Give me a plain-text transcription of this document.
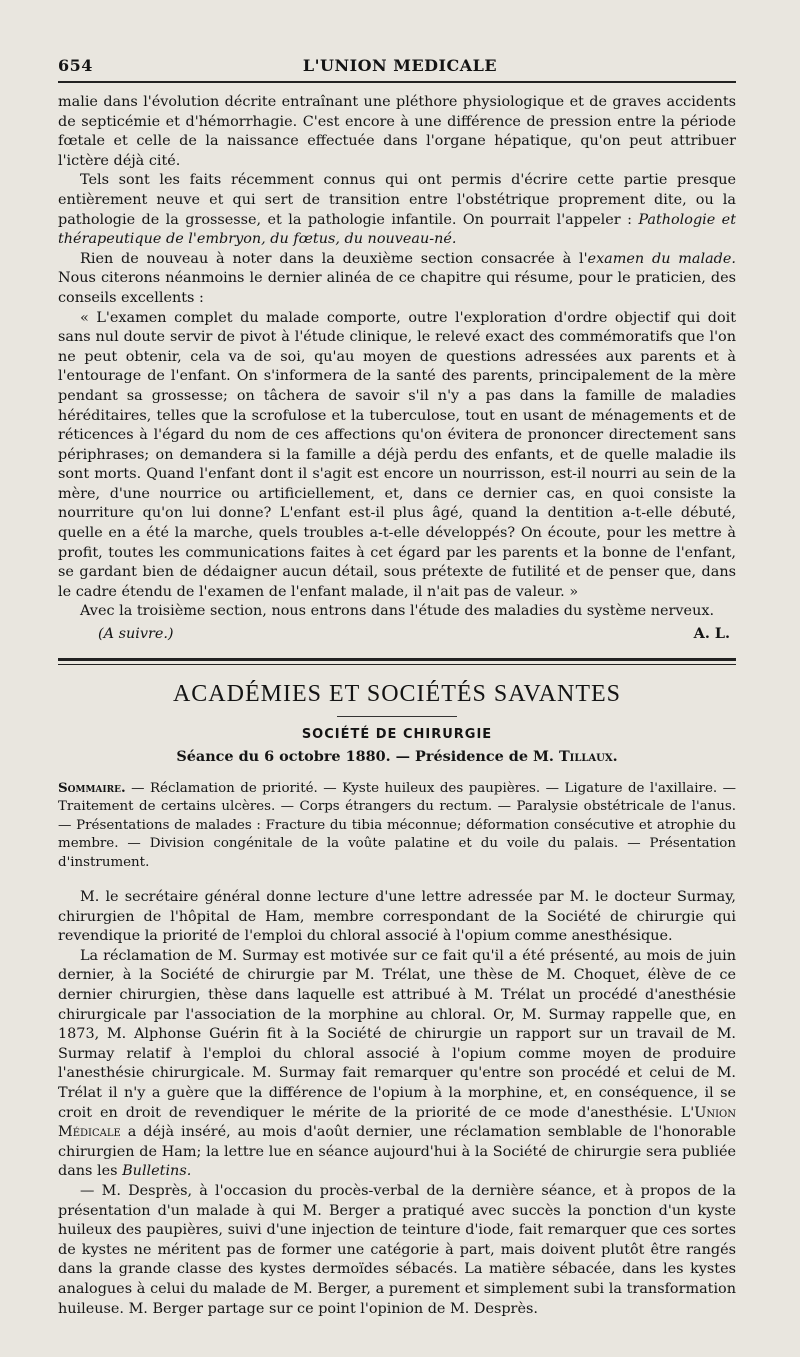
654	L'UNION MEDICALE

malie dans l'évolution décrite entraînant une pléthore physiologique et de graves accidents de septicémie et d'hémorrhagie. C'est encore à une différence de pression entre la période fœtale et celle de la naissance effectuée dans l'organe hépatique, qu'on peut attribuer l'ictère déjà cité.

Tels sont les faits récemment connus qui ont permis d'écrire cette partie presque entièrement neuve et qui sert de transition entre l'obstétrique proprement dite, ou la pathologie de la grossesse, et la pathologie infantile. On pourrait l'appeler : Pathologie et thérapeutique de l'embryon, du fœtus, du nouveau-né.

Rien de nouveau à noter dans la deuxième section consacrée à l'examen du malade. Nous citerons néanmoins le dernier alinéa de ce chapitre qui résume, pour le praticien, des conseils excellents :

« L'examen complet du malade comporte, outre l'exploration d'ordre objectif qui doit sans nul doute servir de pivot à l'étude clinique, le relevé exact des commémoratifs que l'on ne peut obtenir, cela va de soi, qu'au moyen de questions adressées aux parents et à l'entourage de l'enfant. On s'informera de la santé des parents, principalement de la mère pendant sa grossesse; on tâchera de savoir s'il n'y a pas dans la famille de maladies héréditaires, telles que la scrofulose et la tuberculose, tout en usant de ménagements et de réticences à l'égard du nom de ces affections qu'on évitera de prononcer directement sans périphrases; on demandera si la famille a déjà perdu des enfants, et de quelle maladie ils sont morts. Quand l'enfant dont il s'agit est encore un nourrisson, est-il nourri au sein de la mère, d'une nourrice ou artificiellement, et, dans ce dernier cas, en quoi consiste la nourriture qu'on lui donne? L'enfant est-il plus âgé, quand la dentition a-t-elle débuté, quelle en a été la marche, quels troubles a-t-elle développés? On écoute, pour les mettre à profit, toutes les communications faites à cet égard par les parents et la bonne de l'enfant, se gardant bien de dédaigner aucun détail, sous prétexte de futilité et de penser que, dans le cadre étendu de l'examen de l'enfant malade, il n'ait pas de valeur. »

Avec la troisième section, nous entrons dans l'étude des maladies du système nerveux.

(A suivre.)	A. L.
ACADÉMIES ET SOCIÉTÉS SAVANTES
SOCIÉTÉ DE CHIRURGIE
Séance du 6 octobre 1880. — Présidence de M. Tillaux.

Sommaire. — Réclamation de priorité. — Kyste huileux des paupières. — Ligature de l'axillaire. — Traitement de certains ulcères. — Corps étrangers du rectum. — Paralysie obstétricale de l'anus. — Présentations de malades : Fracture du tibia méconnue; déformation consécutive et atrophie du membre. — Division congénitale de la voûte palatine et du voile du palais. — Présentation d'instrument.

M. le secrétaire général donne lecture d'une lettre adressée par M. le docteur Surmay, chirurgien de l'hôpital de Ham, membre correspondant de la Société de chirurgie qui revendique la priorité de l'emploi du chloral associé à l'opium comme anesthésique.

La réclamation de M. Surmay est motivée sur ce fait qu'il a été présenté, au mois de juin dernier, à la Société de chirurgie par M. Trélat, une thèse de M. Choquet, élève de ce dernier chirurgien, thèse dans laquelle est attribué à M. Trélat un procédé d'anesthésie chirurgicale par l'association de la morphine au chloral. Or, M. Surmay rappelle que, en 1873, M. Alphonse Guérin fit à la Société de chirurgie un rapport sur un travail de M. Surmay relatif à l'emploi du chloral associé à l'opium comme moyen de produire l'anesthésie chirurgicale. M. Surmay fait remarquer qu'entre son procédé et celui de M. Trélat il n'y a guère que la différence de l'opium à la morphine, et, en conséquence, il se croit en droit de revendiquer le mérite de la priorité de ce mode d'anesthésie. L'Union Médicale a déjà inséré, au mois d'août dernier, une réclamation semblable de l'honorable chirurgien de Ham; la lettre lue en séance aujourd'hui à la Société de chirurgie sera publiée dans les Bulletins.

— M. Desprès, à l'occasion du procès-verbal de la dernière séance, et à propos de la présentation d'un malade à qui M. Berger a pratiqué avec succès la ponction d'un kyste huileux des paupières, suivi d'une injection de teinture d'iode, fait remarquer que ces sortes de kystes ne méritent pas de former une catégorie à part, mais doivent plutôt être rangés dans la grande classe des kystes dermoïdes sébacés. La matière sébacée, dans les kystes analogues à celui du malade de M. Berger, a purement et simplement subi la transformation huileuse. M. Berger partage sur ce point l'opinion de M. Desprès.
